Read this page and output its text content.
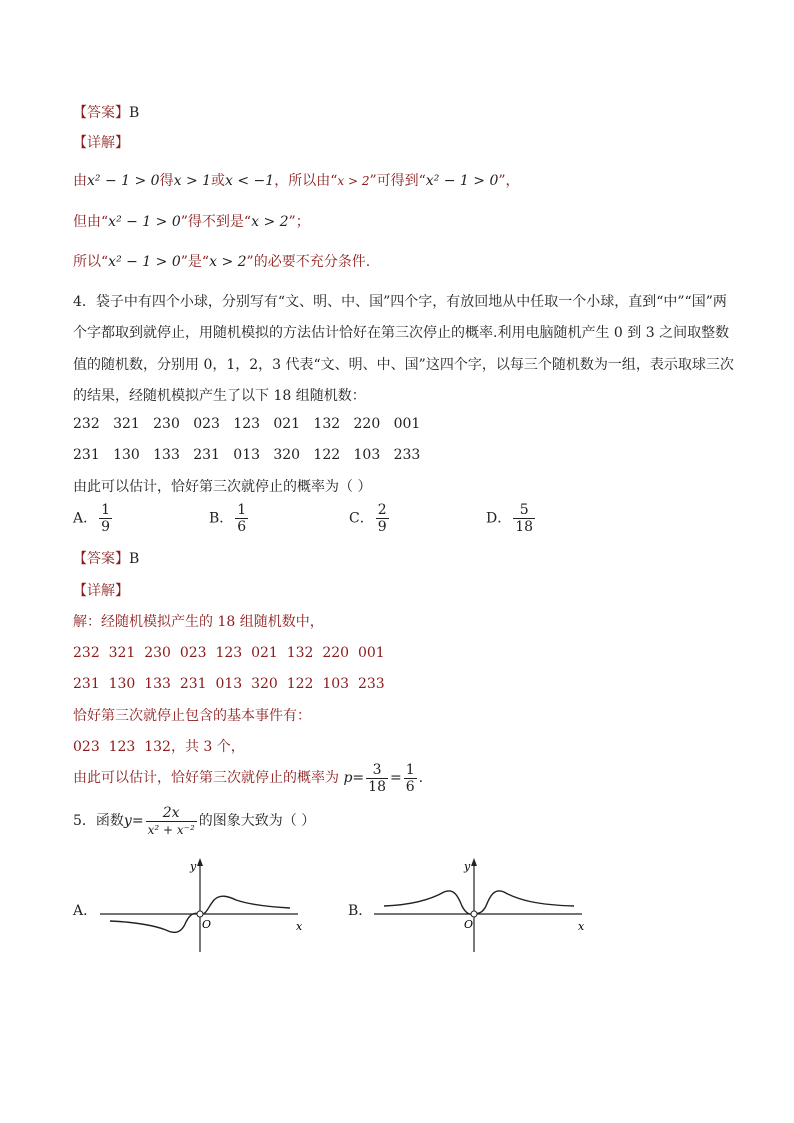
【答案】B
【详解】
由x² − 1 > 0得x > 1或x < −1，所以由“x > 2”可得到“x² − 1 > 0”，
但由“x² − 1 > 0”得不到是“x > 2”；
所以“x² − 1 > 0”是“x > 2”的必要不充分条件.
4．袋子中有四个小球，分别写有“文、明、中、国”四个字，有放回地从中任取一个小球，直到“中”“国”两
个字都取到就停止，用随机模拟的方法估计恰好在第三次停止的概率.利用电脑随机产生 0 到 3 之间取整数
值的随机数，分别用 0，1，2，3 代表“文、明、中、国”这四个字，以每三个随机数为一组，表示取球三次
的结果，经随机模拟产生了以下 18 组随机数：
232   321   230   023   123   021   132   220   001
231   130   133   231   013   320   122   103   233
由此可以估计，恰好第三次就停止的概率为（ ）
A． $\frac{1}{9}$	B． $\frac{1}{6}$	C． $\frac{2}{9}$	D． $\frac{5}{18}$
【答案】B
【详解】
解：经随机模拟产生的 18 组随机数中，
232  321  230  023  123  021  132  220  001
231  130  133  231  013  320  122  103  233
恰好第三次就停止包含的基本事件有：
023  123  132，共 3 个，
由此可以估计，恰好第三次就停止的概率为 $p= \frac{3}{18} = \frac{1}{6}$ .
5．函数$y= \frac{2x}{\text{x² + x⁻²}}$ 的图象大致为（ ）
A．
y
x
O
B．
y
x
O
